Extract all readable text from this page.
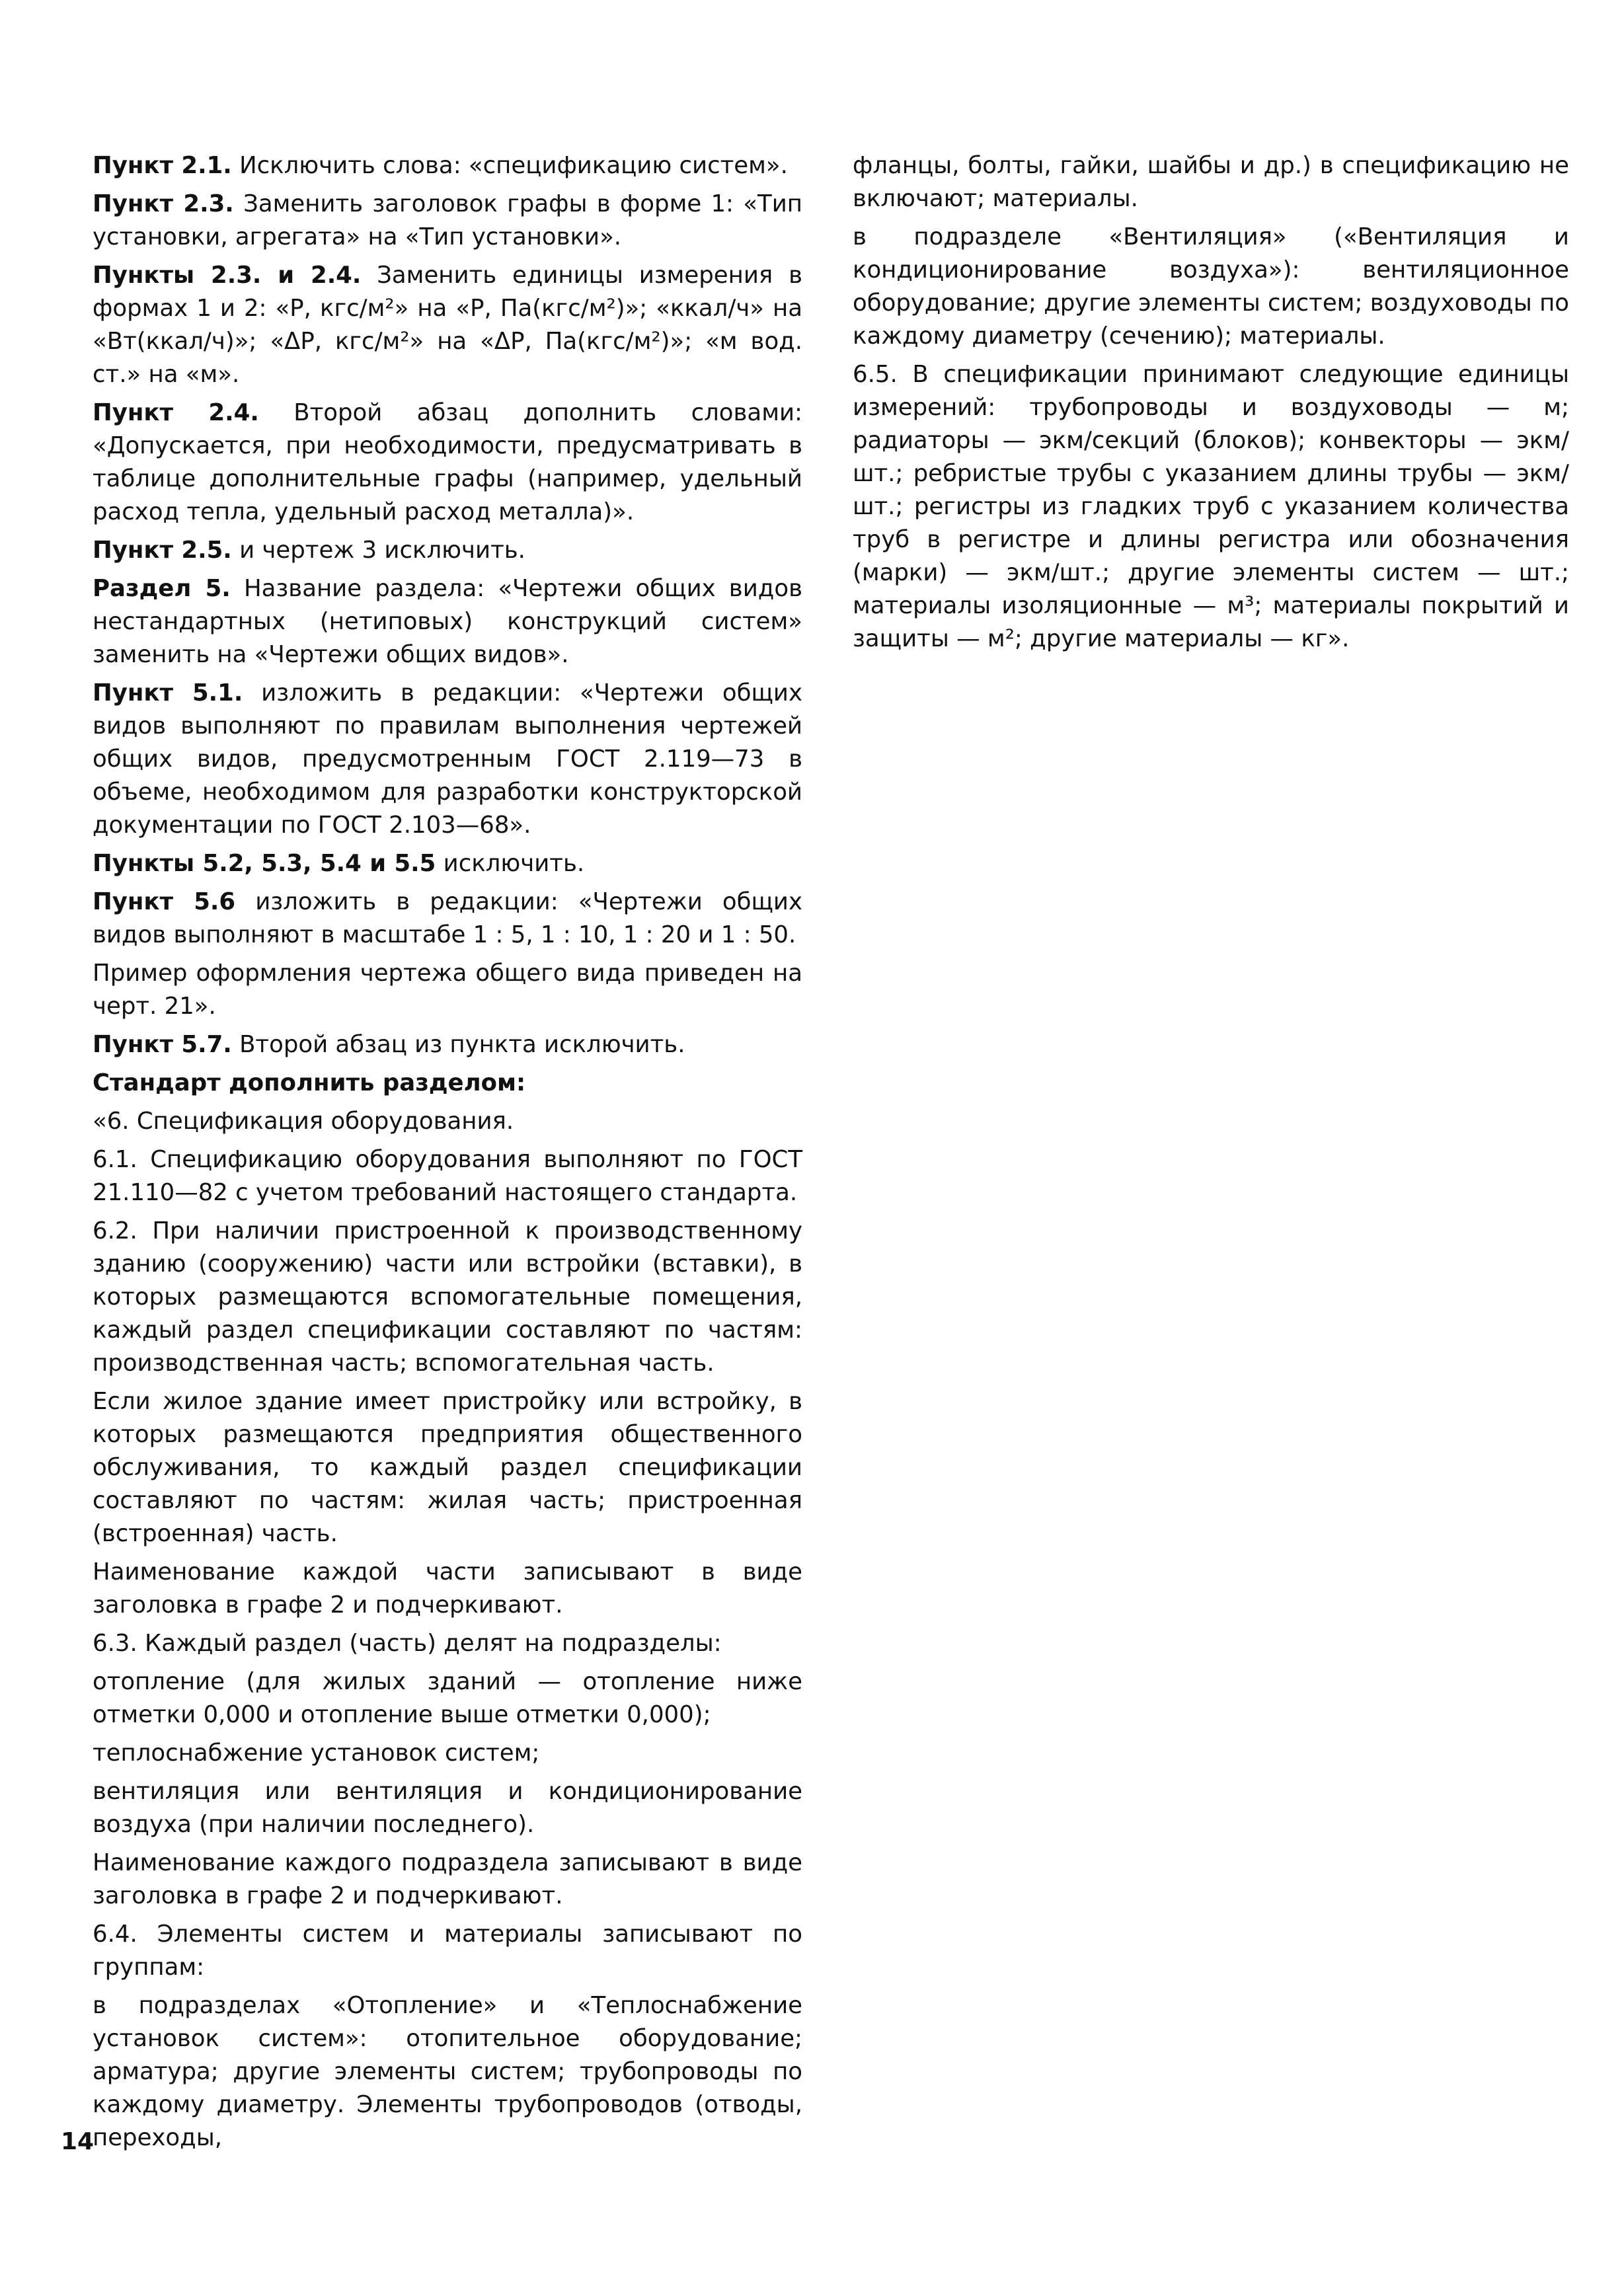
Пункт 2.1. Исключить слова: «спецификацию систем».

Пункт 2.3. Заменить заголовок графы в форме 1: «Тип установки, агрегата» на «Тип установки».

Пункты 2.3. и 2.4. Заменить единицы измерения в формах 1 и 2: «Р, кгс/м²» на «Р, Па(кгс/м²)»; «ккал/ч» на «Вт(ккал/ч)»; «ΔР, кгс/м²» на «ΔР, Па(кгс/м²)»; «м вод. ст.» на «м».

Пункт 2.4. Второй абзац дополнить словами: «Допускается, при необходимости, предусматривать в таблице дополнительные графы (например, удельный расход тепла, удельный расход металла)».

Пункт 2.5. и чертеж 3 исключить.

Раздел 5. Название раздела: «Чертежи общих видов нестандартных (нетиповых) конструкций систем» заменить на «Чертежи общих видов».

Пункт 5.1. изложить в редакции: «Чертежи общих видов выполняют по правилам выполнения чертежей общих видов, предусмотренным ГОСТ 2.119—73 в объеме, необходимом для разработки конструкторской документации по ГОСТ 2.103—68».

Пункты 5.2, 5.3, 5.4 и 5.5 исключить.

Пункт 5.6 изложить в редакции: «Чертежи общих видов выполняют в масштабе 1 : 5, 1 : 10, 1 : 20 и 1 : 50.

Пример оформления чертежа общего вида приведен на черт. 21».

Пункт 5.7. Второй абзац из пункта исключить.

Стандарт дополнить разделом:

«6. Спецификация оборудования.

6.1. Спецификацию оборудования выполняют по ГОСТ 21.110—82 с учетом требований настоящего стандарта.

6.2. При наличии пристроенной к производственному зданию (сооружению) части или встройки (вставки), в которых размещаются вспомогательные помещения, каждый раздел спецификации составляют по частям: производственная часть; вспомогательная часть.

Если жилое здание имеет пристройку или встройку, в которых размещаются предприятия общественного обслуживания, то каждый раздел спецификации составляют по частям: жилая часть; пристроенная (встроенная) часть.

Наименование каждой части записывают в виде заголовка в графе 2 и подчеркивают.

6.3. Каждый раздел (часть) делят на подразделы:

отопление (для жилых зданий — отопление ниже отметки 0,000 и отопление выше отметки 0,000);

теплоснабжение установок систем;

вентиляция или вентиляция и кондиционирование воздуха (при наличии последнего).

Наименование каждого подраздела записывают в виде заголовка в графе 2 и подчеркивают.

6.4. Элементы систем и материалы записывают по группам:

в подразделах «Отопление» и «Теплоснабжение установок систем»: отопительное оборудование; арматура; другие элементы систем; трубопроводы по каждому диаметру. Элементы трубопроводов (отводы, переходы,

фланцы, болты, гайки, шайбы и др.) в спецификацию не включают; материалы.

в подразделе «Вентиляция» («Вентиляция и кондиционирование воздуха»): вентиляционное оборудование; другие элементы систем; воздуховоды по каждому диаметру (сечению); материалы.

6.5. В спецификации принимают следующие единицы измерений: трубопроводы и воздуховоды — м; радиаторы — экм/секций (блоков); конвекторы — экм/шт.; ребристые трубы с указанием длины трубы — экм/шт.; регистры из гладких труб с указанием количества труб в регистре и длины регистра или обозначения (марки) — экм/шт.; другие элементы систем — шт.; материалы изоляционные — м³; материалы покрытий и защиты — м²; другие материалы — кг».

14
